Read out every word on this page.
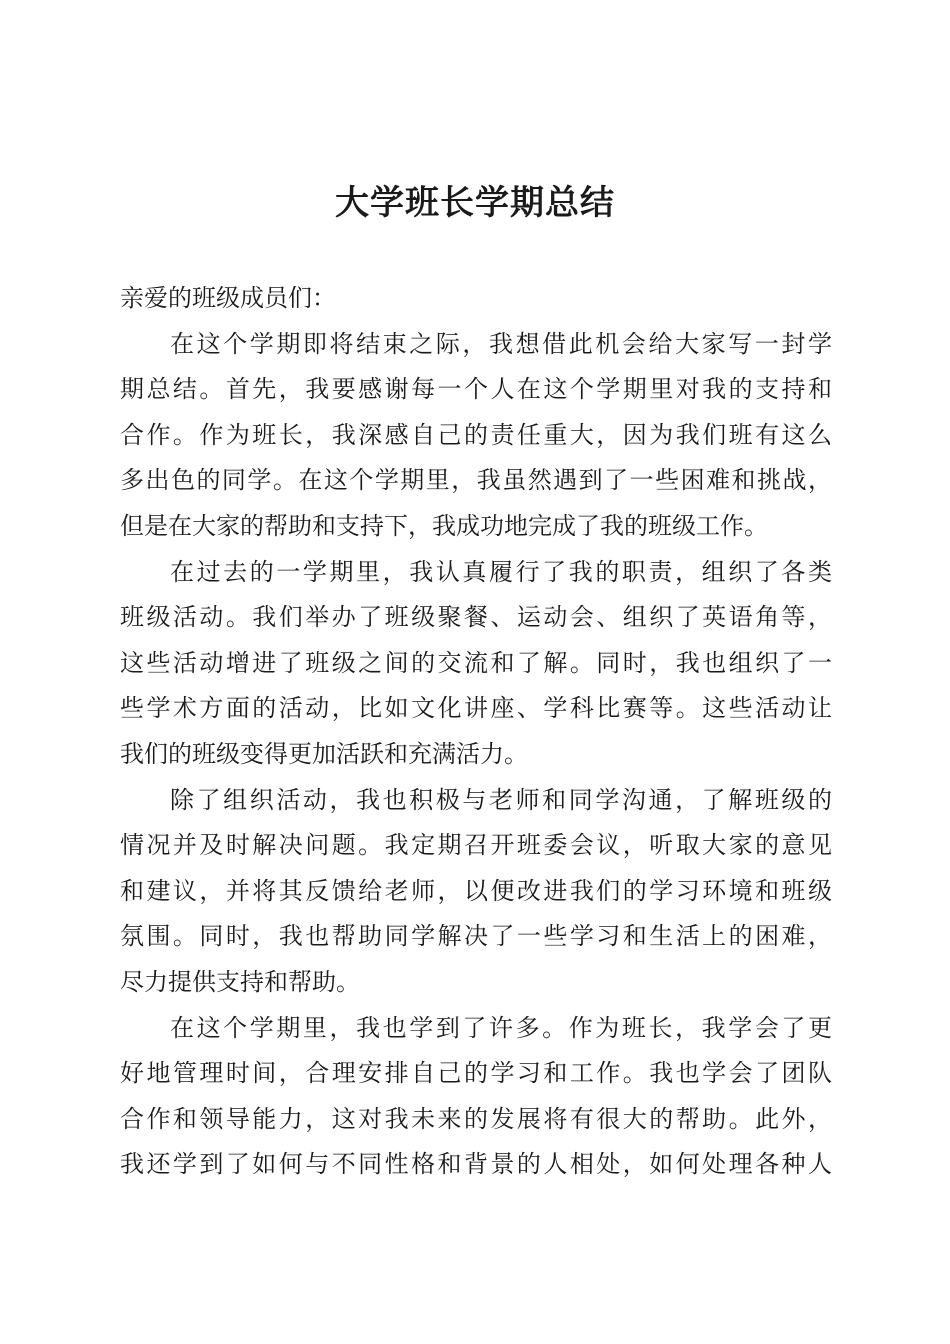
大学班长学期总结
亲爱的班级成员们：
在这个学期即将结束之际，我想借此机会给大家写一封学
期总结。首先，我要感谢每一个人在这个学期里对我的支持和
合作。作为班长，我深感自己的责任重大，因为我们班有这么
多出色的同学。在这个学期里，我虽然遇到了一些困难和挑战，
但是在大家的帮助和支持下，我成功地完成了我的班级工作。
在过去的一学期里，我认真履行了我的职责，组织了各类
班级活动。我们举办了班级聚餐、运动会、组织了英语角等，
这些活动增进了班级之间的交流和了解。同时，我也组织了一
些学术方面的活动，比如文化讲座、学科比赛等。这些活动让
我们的班级变得更加活跃和充满活力。
除了组织活动，我也积极与老师和同学沟通，了解班级的
情况并及时解决问题。我定期召开班委会议，听取大家的意见
和建议，并将其反馈给老师，以便改进我们的学习环境和班级
氛围。同时，我也帮助同学解决了一些学习和生活上的困难，
尽力提供支持和帮助。
在这个学期里，我也学到了许多。作为班长，我学会了更
好地管理时间，合理安排自己的学习和工作。我也学会了团队
合作和领导能力，这对我未来的发展将有很大的帮助。此外，
我还学到了如何与不同性格和背景的人相处，如何处理各种人
